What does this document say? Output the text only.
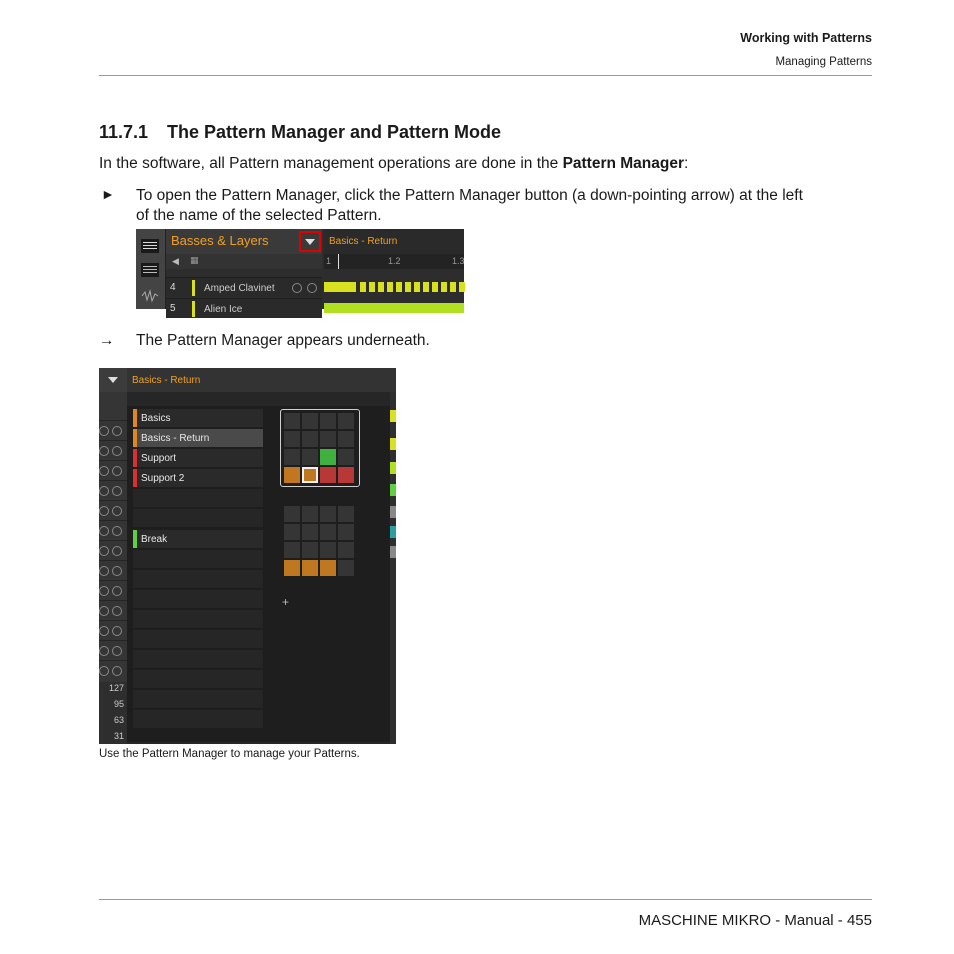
Working with Patterns
Managing Patterns
11.7.1 The Pattern Manager and Pattern Mode
In the software, all Pattern management operations are done in the Pattern Manager:
► To open the Pattern Manager, click the Pattern Manager button (a down-pointing arrow) at the left of the name of the selected Pattern.
Basses & Layers	Basics - Return
◀ ▦	1	1.2	1.3
4	Amped Clavinet
5	Alien Ice
→ The Pattern Manager appears underneath.
Basics - Return
127
95
63
31
Basics
Basics - Return
Support
Support 2
Break
+
Use the Pattern Manager to manage your Patterns.
MASCHINE MIKRO - Manual - 455
